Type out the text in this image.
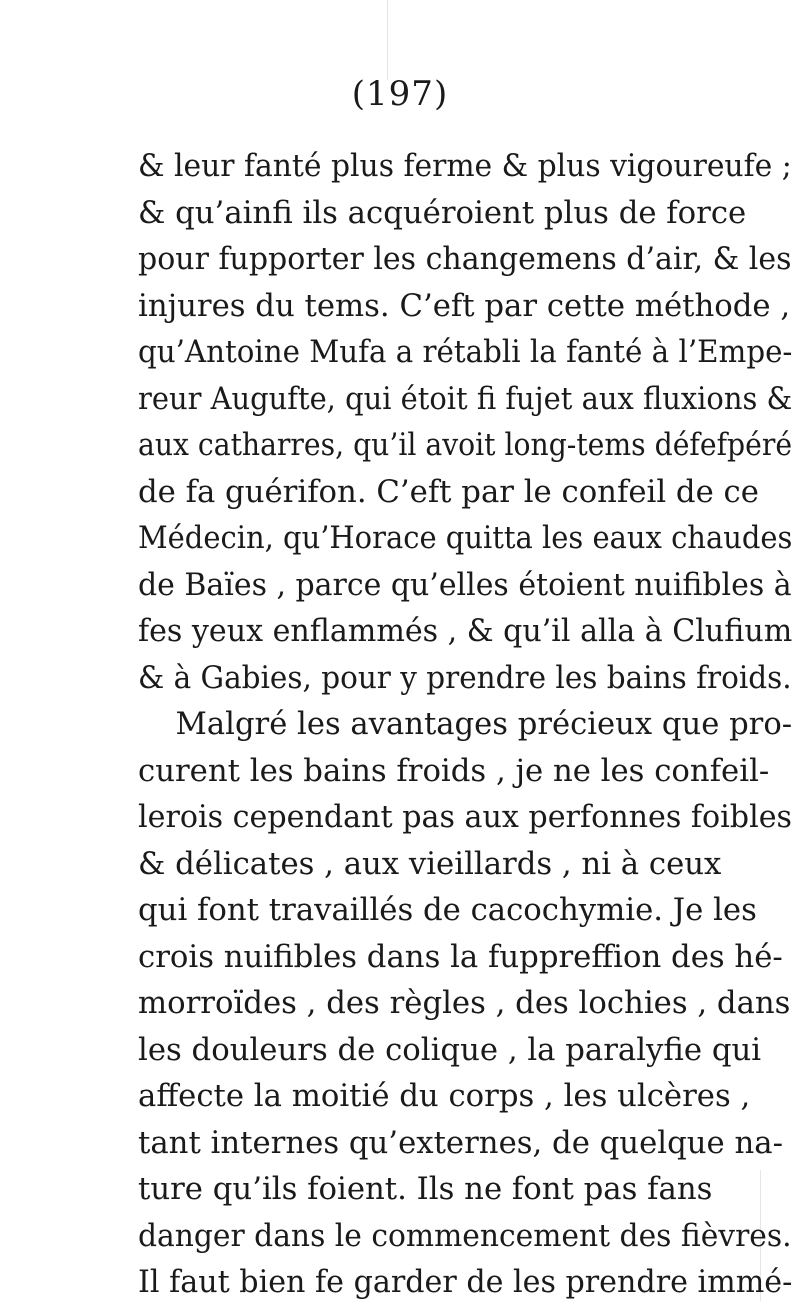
(197)
& leur fanté plus ferme & plus vigoureufe ;
& qu’ainfi ils acquéroient plus de force
pour fupporter les changemens d’air, & les
injures du tems. C’eft par cette méthode ,
qu’Antoine Mufa a rétabli la fanté à l’Empe-
reur Augufte, qui étoit fi fujet aux fluxions &
aux catharres, qu’il avoit long-tems défefpéré
de fa guérifon. C’eft par le confeil de ce
Médecin, qu’Horace quitta les eaux chaudes
de Baïes , parce qu’elles étoient nuifibles à
fes yeux enflammés , & qu’il alla à Clufium
& à Gabies, pour y prendre les bains froids.
Malgré les avantages précieux que pro-
curent les bains froids , je ne les confeil-
lerois cependant pas aux perfonnes foibles
& délicates , aux vieillards , ni à ceux
qui font travaillés de cacochymie. Je les
crois nuifibles dans la fuppreffion des hé-
morroïdes , des règles , des lochies , dans
les douleurs de colique , la paralyfie qui
affecte la moitié du corps , les ulcères ,
tant internes qu’externes, de quelque na-
ture qu’ils foient. Ils ne font pas fans
danger dans le commencement des fièvres.
Il faut bien fe garder de les prendre immé-
